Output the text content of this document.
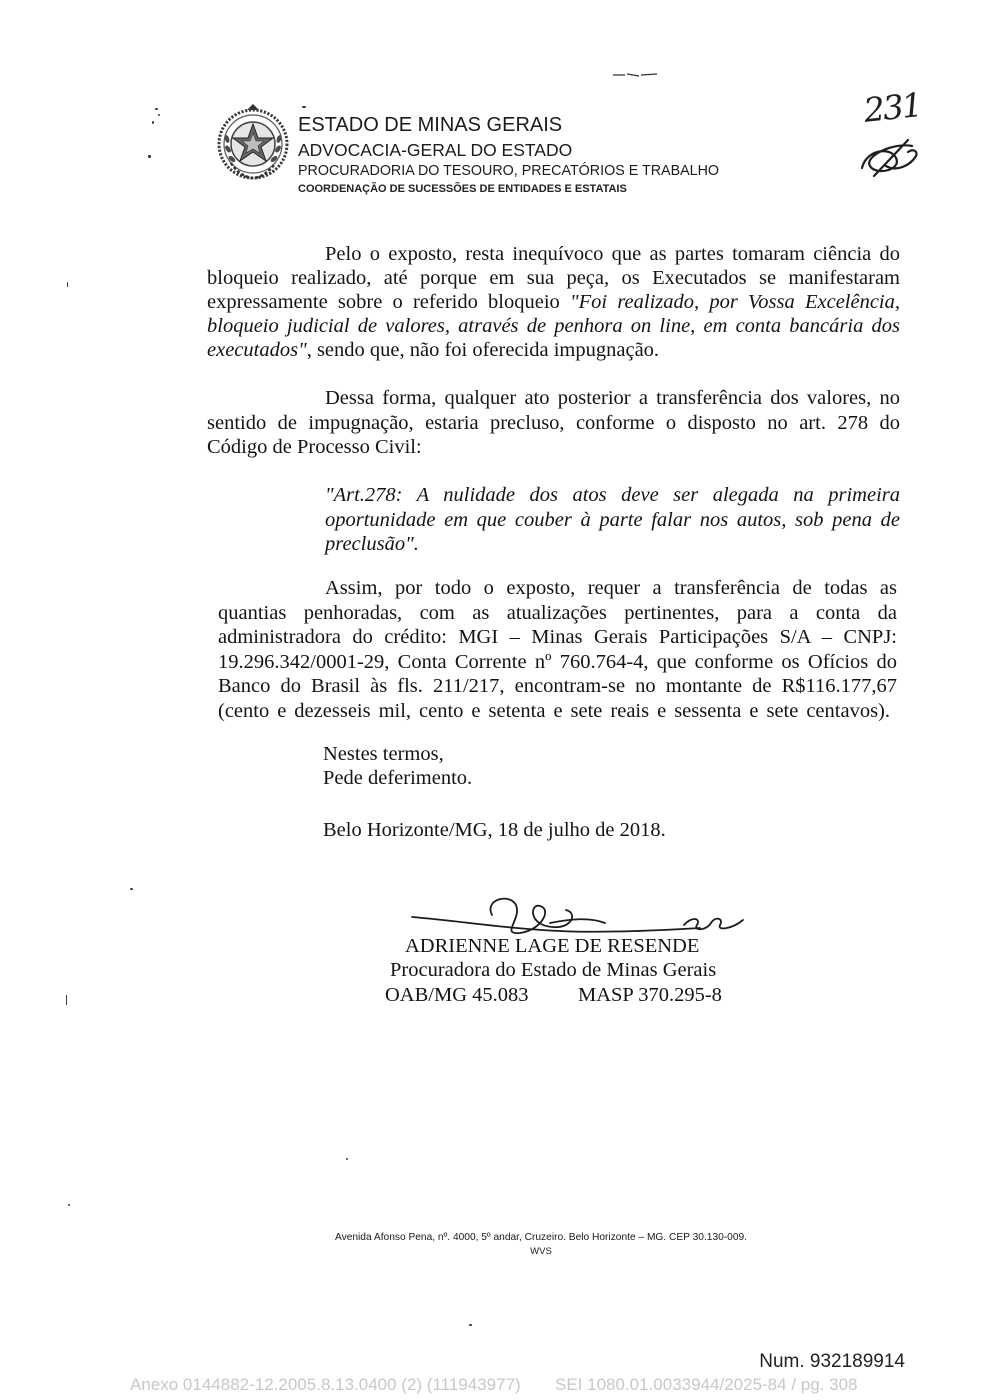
ESTADO DE MINAS GERAIS
ADVOCACIA-GERAL DO ESTADO
PROCURADORIA DO TESOURO, PRECATÓRIOS E TRABALHO
COORDENAÇÃO DE SUCESSÕES DE ENTIDADES E ESTATAIS
231
Pelo o exposto, resta inequívoco que as partes tomaram ciência do
bloqueio realizado, até porque em sua peça, os Executados se manifestaram
expressamente sobre o referido bloqueio "Foi realizado, por Vossa Excelência,
bloqueio judicial de valores, através de penhora on line, em conta bancária dos
executados", sendo que, não foi oferecida impugnação.
Dessa forma, qualquer ato posterior a transferência dos valores, no
sentido de impugnação, estaria precluso, conforme o disposto no art. 278 do
Código de Processo Civil:
"Art.278: A nulidade dos atos deve ser alegada na primeira
oportunidade em que couber à parte falar nos autos, sob pena de
preclusão".
Assim, por todo o exposto, requer a transferência de todas as
quantias penhoradas, com as atualizações pertinentes, para a conta da
administradora do crédito: MGI – Minas Gerais Participações S/A – CNPJ:
19.296.342/0001-29, Conta Corrente nº 760.764-4, que conforme os Ofícios do
Banco do Brasil às fls. 211/217, encontram-se no montante de R$116.177,67
(cento e dezesseis mil, cento e setenta e sete reais e sessenta e sete centavos).
Nestes termos,
Pede deferimento.
Belo Horizonte/MG, 18 de julho de 2018.
ADRIENNE LAGE DE RESENDE
Procuradora do Estado de Minas Gerais
OAB/MG 45.083 MASP 370.295-8
Avenida Afonso Pena, nº. 4000, 5º andar, Cruzeiro. Belo Horizonte – MG. CEP 30.130-009.
WVS
Num. 932189914
Anexo 0144882-12.2005.8.13.0400 (2) (111943977) SEI 1080.01.0033944/2025-84 / pg. 308
